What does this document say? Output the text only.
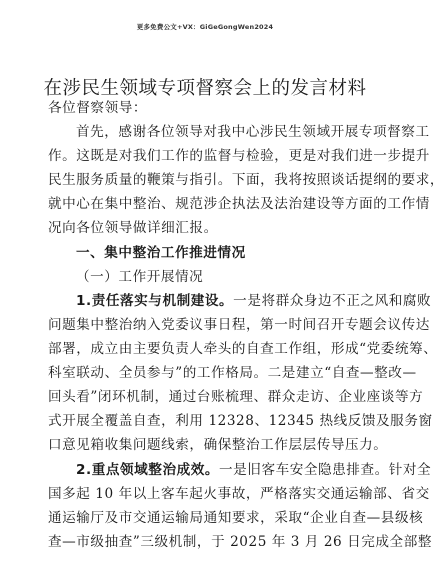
更多免费公文+VX：GiGeGongWen2024
在涉民生领域专项督察会上的发言材料
各位督察领导：
首先，感谢各位领导对我中心涉民生领域开展专项督察工
作。这既是对我们工作的监督与检验，更是对我们进一步提升
民生服务质量的鞭策与指引。下面，我将按照谈话提纲的要求，
就中心在集中整治、规范涉企执法及法治建设等方面的工作情
况向各位领导做详细汇报。
一、集中整治工作推进情况
（一）工作开展情况
1.责任落实与机制建设。一是将群众身边不正之风和腐败
问题集中整治纳入党委议事日程，第一时间召开专题会议传达
部署，成立由主要负责人牵头的自查工作组，形成“党委统筹、
科室联动、全员参与”的工作格局。二是建立“自查—整改—
回头看”闭环机制，通过台账梳理、群众走访、企业座谈等方
式开展全覆盖自查，利用 12328、12345 热线反馈及服务窗
口意见箱收集问题线索，确保整治工作层层传导压力。
2.重点领域整治成效。一是旧客车安全隐患排查。针对全
国多起 10 年以上客车起火事故，严格落实交通运输部、省交
通运输厅及市交通运输局通知要求，采取“企业自查—县级核
查—市级抽查”三级机制，于 2025 年 3 月 26 日完成全部整
